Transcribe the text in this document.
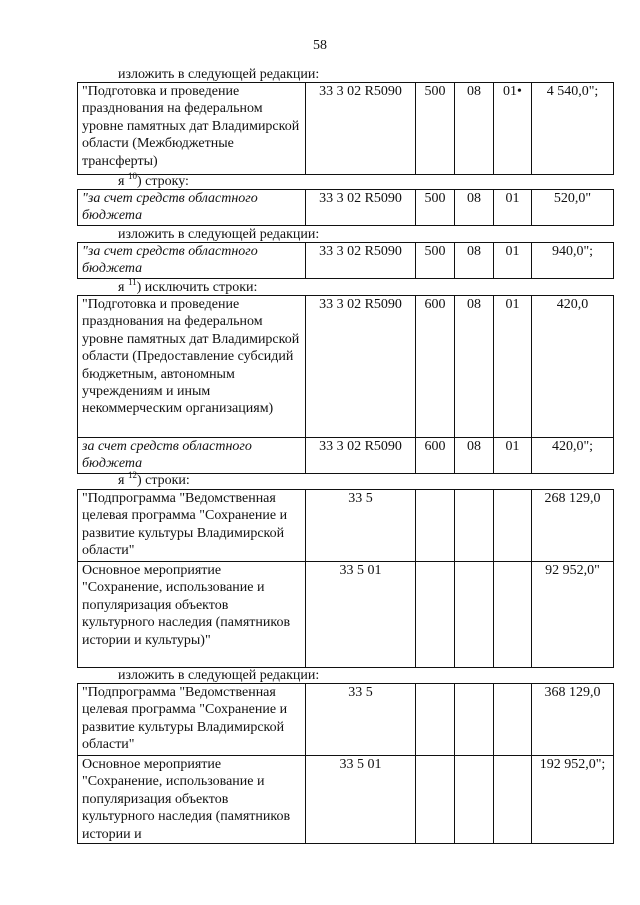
58
изложить в следующей редакции:
"Подготовка и проведение празднования на федеральном уровне памятных дат Владимирской области (Межбюджетные трансферты)	33 3 02 R5090	500	08	01•	4 540,0";
я $^{10}$) строку:
"за счет средств областного бюджета	33 3 02 R5090	500	08	01	520,0"
изложить в следующей редакции:
"за счет средств областного бюджета	33 3 02 R5090	500	08	01	940,0";
я $^{11}$) исключить строки:
"Подготовка и проведение празднования на федеральном уровне памятных дат Владимирской области (Предоставление субсидий бюджетным, автономным учреждениям и иным некоммерческим организациям)	33 3 02 R5090	600	08	01	420,0
за счет средств областного бюджета	33 3 02 R5090	600	08	01	420,0";
я $^{12}$) строки:
"Подпрограмма "Ведомственная целевая программа "Сохранение и развитие культуры Владимирской области"	33 5				268 129,0
Основное мероприятие "Сохранение, использование и популяризация объектов культурного наследия (памятников истории и культуры)"	33 5 01				92 952,0"
изложить в следующей редакции:
"Подпрограмма "Ведомственная целевая программа "Сохранение и развитие культуры Владимирской области"	33 5				368 129,0
Основное мероприятие "Сохранение, использование и популяризация объектов культурного наследия (памятников истории и	33 5 01				192 952,0";
